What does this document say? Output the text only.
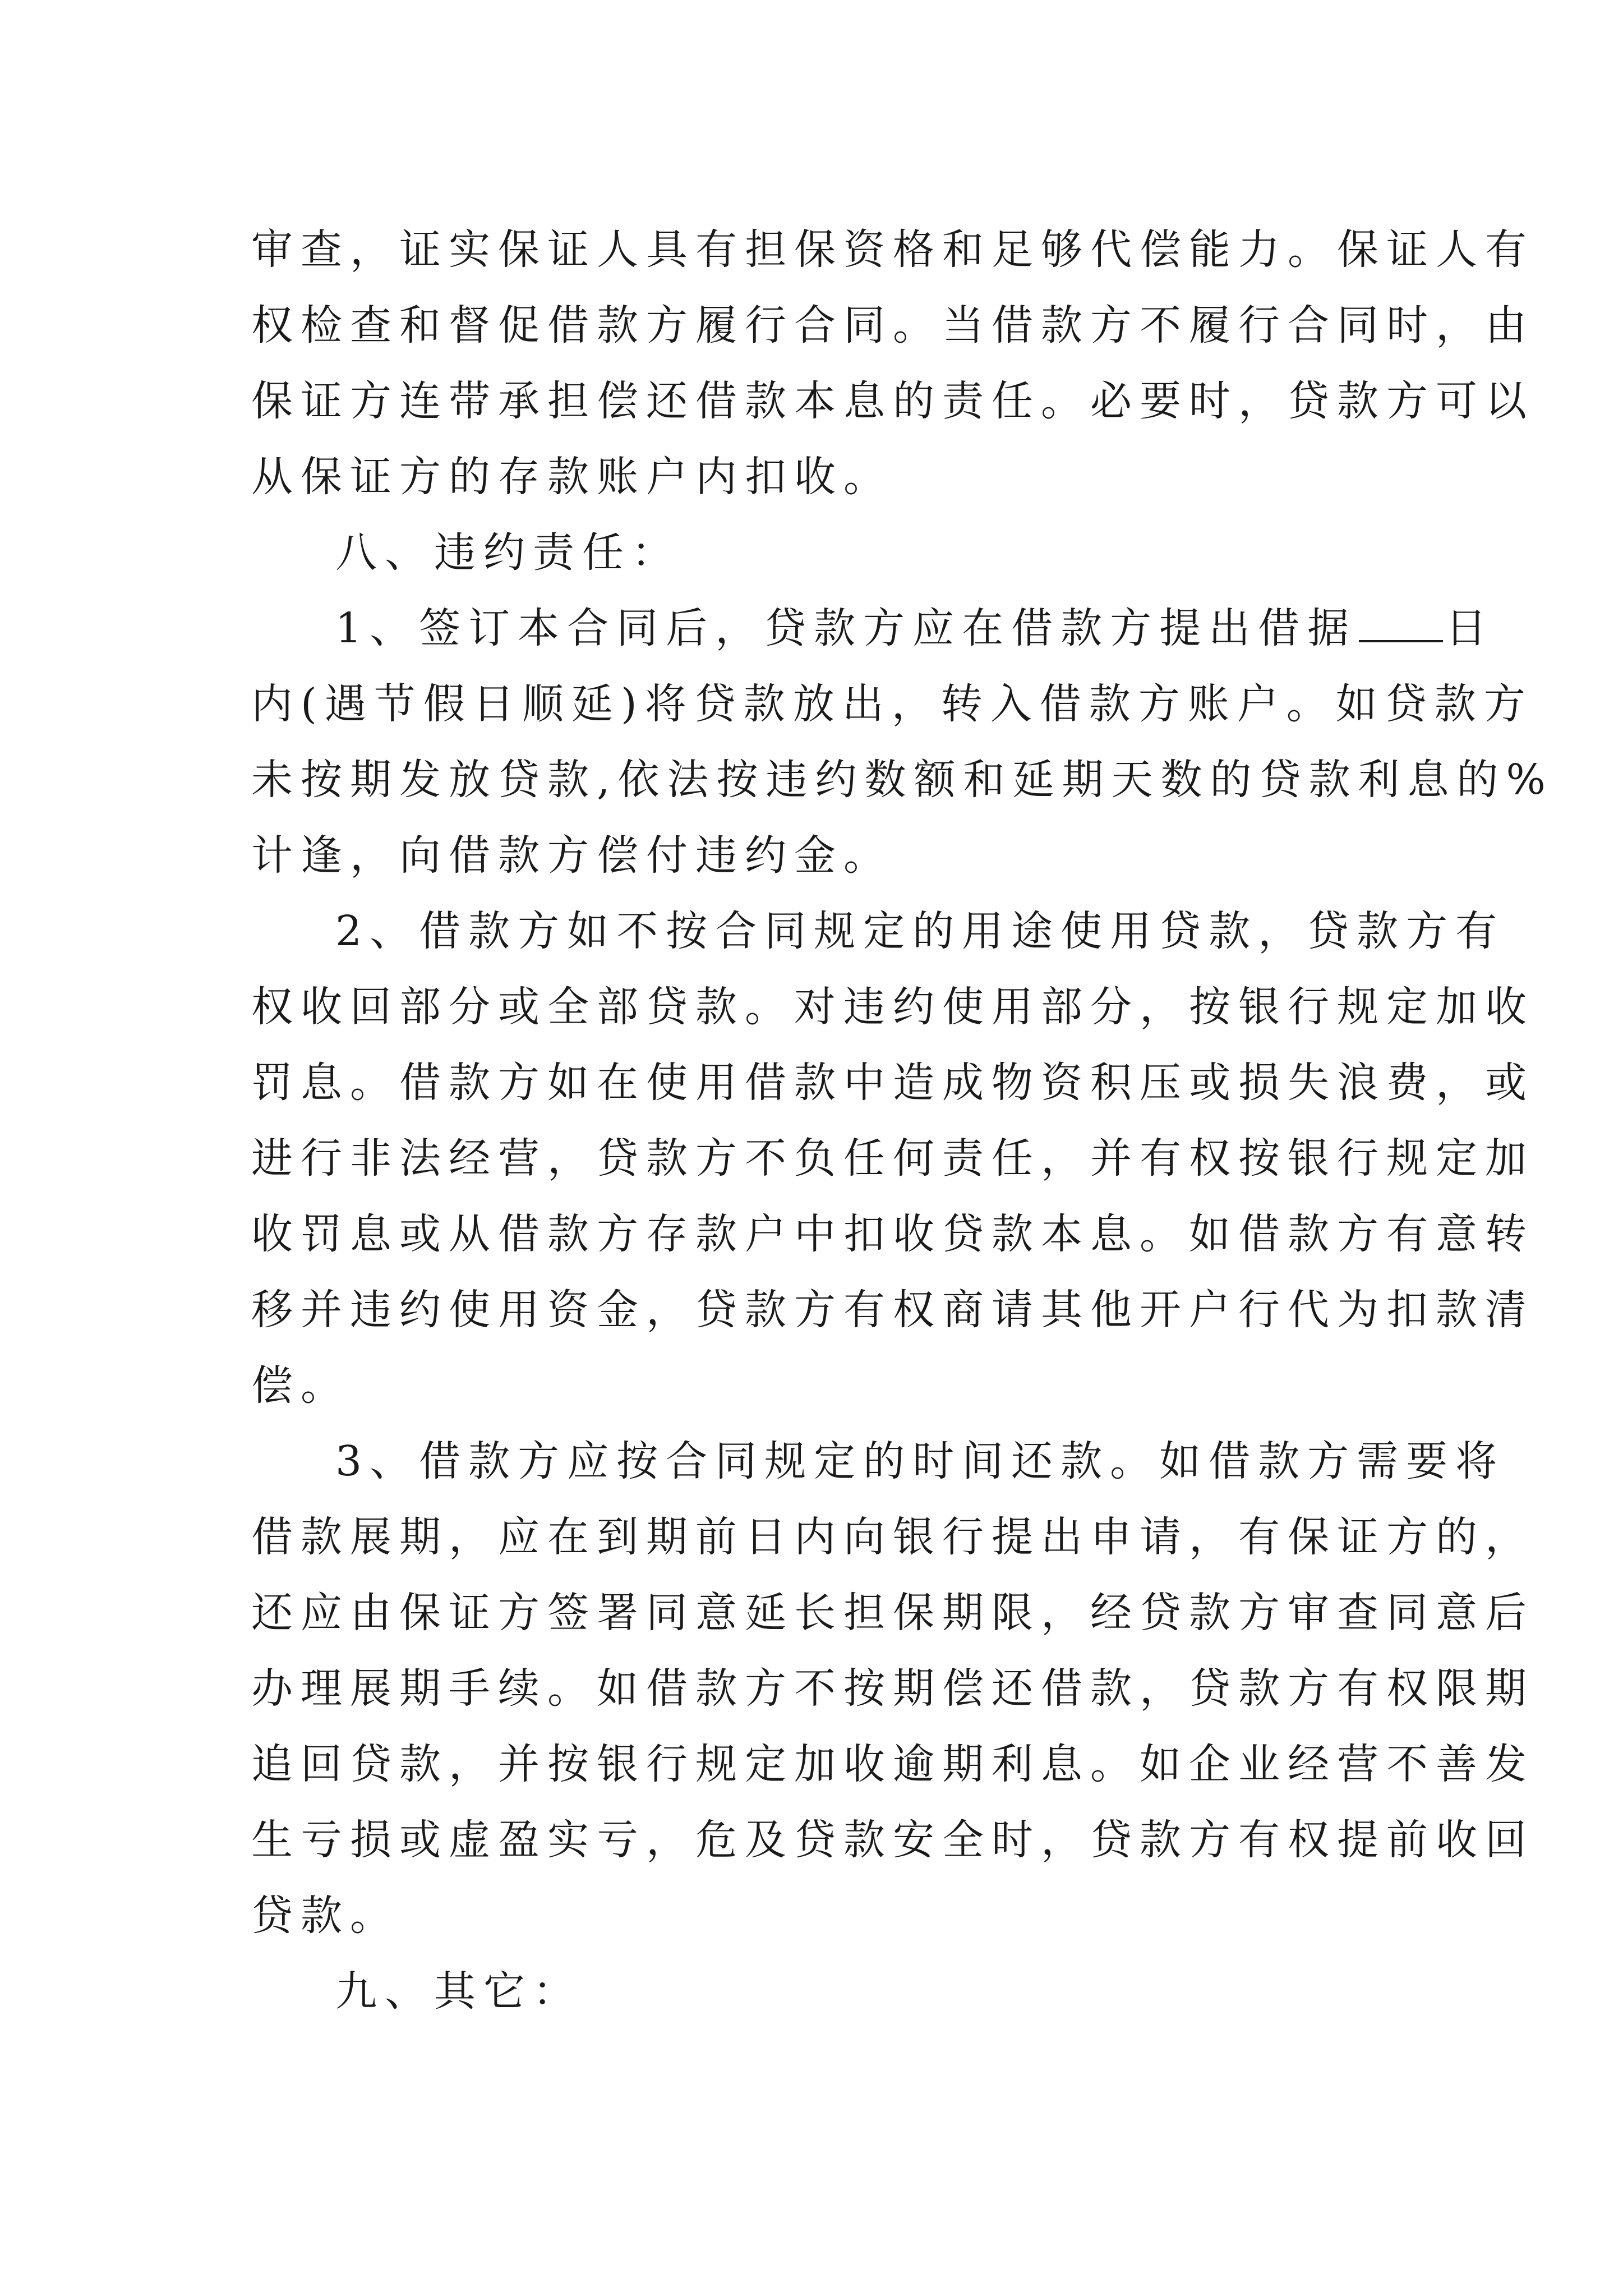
审查，证实保证人具有担保资格和足够代偿能力。保证人有
权检查和督促借款方履行合同。当借款方不履行合同时，由
保证方连带承担偿还借款本息的责任。必要时，贷款方可以
从保证方的存款账户内扣收。
八、违约责任：
1、签订本合同后，贷款方应在借款方提出借据 日
内(遇节假日顺延)将贷款放出，转入借款方账户。如贷款方
未按期发放贷款,依法按违约数额和延期天数的贷款利息的%
计逢，向借款方偿付违约金。
2、借款方如不按合同规定的用途使用贷款，贷款方有
权收回部分或全部贷款。对违约使用部分，按银行规定加收
罚息。借款方如在使用借款中造成物资积压或损失浪费，或
进行非法经营，贷款方不负任何责任，并有权按银行规定加
收罚息或从借款方存款户中扣收贷款本息。如借款方有意转
移并违约使用资金，贷款方有权商请其他开户行代为扣款清
偿。
3、借款方应按合同规定的时间还款。如借款方需要将
借款展期，应在到期前日内向银行提出申请，有保证方的，
还应由保证方签署同意延长担保期限，经贷款方审查同意后
办理展期手续。如借款方不按期偿还借款，贷款方有权限期
追回贷款，并按银行规定加收逾期利息。如企业经营不善发
生亏损或虚盈实亏，危及贷款安全时，贷款方有权提前收回
贷款。
九、其它：
